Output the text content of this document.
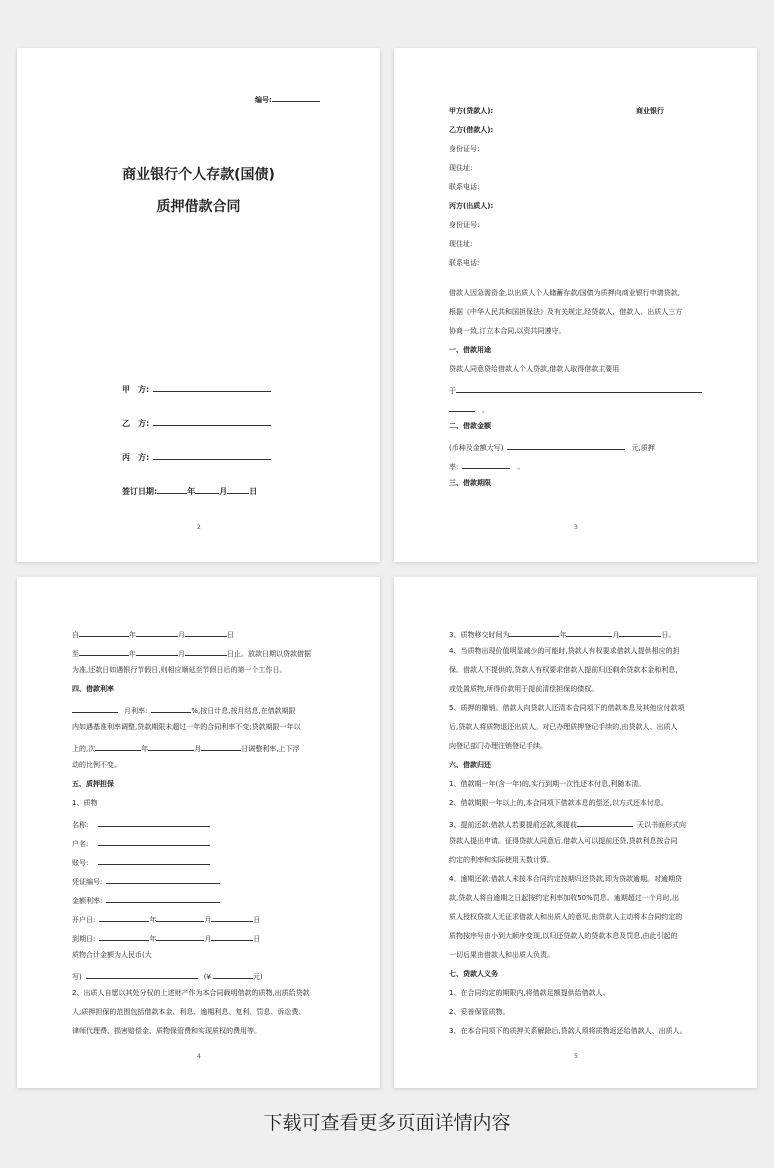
编号:
商业银行个人存款(国债)
质押借款合同
甲　方:
乙　方:
丙　方:
签订日期:	年	月	日
2
甲方(贷款人):	商业银行
乙方(借款人):
身份证号:
现住址:
联系电话:
丙方(出质人):
身份证号:
现住址:
联系电话:
借款人因急需资金,以出质人个人储蓄存款/国债为质押向商业银行申请贷款,
根据《中华人民共和国担保法》及有关规定,经贷款人、借款人、出质人三方
协商一致,订立本合同,以资共同遵守。
一、借款用途
贷款人同意贷给借款人个人贷款,借款人取得借款主要用
于
　。
二、借款金额
(币种及金额大写)	元,质押
率:	　。
三、借款期限
3
自	年	月	日
至	年	月	日止。放款日期以贷款借据
为准,还款日如遇银行节假日,则相应顺延至节假日后的第一个工作日。
四、借款利率
月利率:	%,按日计息,按月结息,在借款期限
内如遇基准利率调整,贷款期限未超过一年的合同利率不变;贷款期限一年以
上的,次	年	月	日调整利率,上下浮
动的比例不变。
五、质押担保
1、质物
名称:
户名:
账号:
凭证编号:
金额利率:
开户日:	年	月	日
到期日:	年	月	日
质物合计金额为人民币(大
写)	(¥	元)
2、出质人自愿以其处分权的上述财产作为本合同载明借款的质物,出质给贷款
人;质押担保的范围包括借款本金、利息、逾期利息、复利、罚息、诉讼费、
律师代理费、损害赔偿金、质物保管费和实现质权的费用等。
4
3、质物移交时间为	年	月	日。
4、当质物出现价值明显减少的可能时,贷款人有权要求借款人提供相应的担
保。借款人不提供的,贷款人有权要求借款人提前归还剩余贷款本金和利息,
或处置质物,所得价款用于提前清偿担保的债权。
5、质押的撤销。借款人向贷款人还清本合同项下的借款本息及其他应付款项
后,贷款人将质物退还出质人。对已办理质押登记手续的,由贷款人、出质人
向登记部门办理注销登记手续。
六、借款归还
1、借款期一年(含一年)的,实行到期一次性还本付息,利随本清。
2、借款期限一年以上的,本合同项下借款本息的偿还,以方式还本付息。
3、提前还款:借款人若要提前还款,须提前	天以书面形式向
贷款人提出申请。征得贷款人同意后,借款人可以提前还贷,贷款利息按合同
约定的利率和实际使用天数计算。
4、逾期还款:借款人未按本合同约定按期归还贷款,即为贷款逾期。对逾期贷
款,贷款人将自逾期之日起按约定利率加收50%罚息。逾期超过一个月时,出
质人授权贷款人无征求借款人和出质人的意见,由贷款人主动将本合同约定的
质物按序号由小到大顺序变现,以归还贷款人的贷款本息及罚息,由此引起的
一切后果由借款人和出质人负责。
七、贷款人义务
1、在合同约定的期限内,将借款足额提供给借款人。
2、妥善保管质物。
3、在本合同项下的质押关系解除后,贷款人须将质物返还给借款人、出质人。
5
下载可查看更多页面详情内容
